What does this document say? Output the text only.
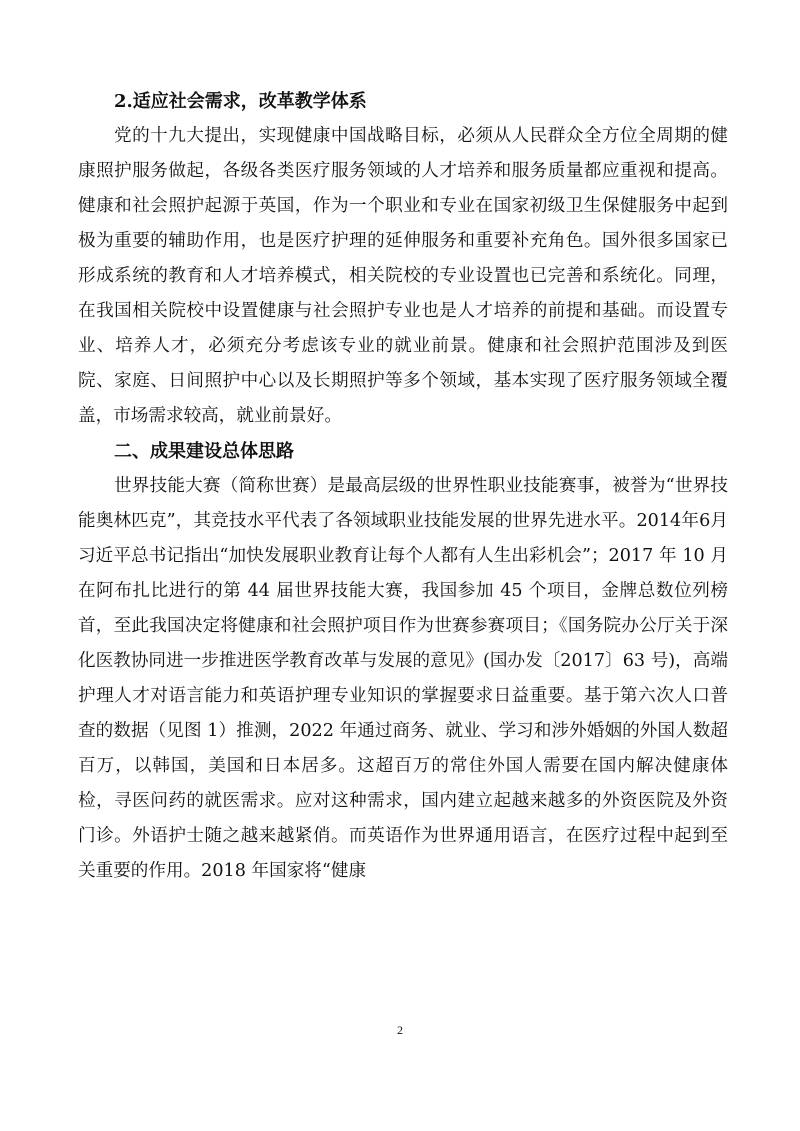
2.适应社会需求，改革教学体系

党的十九大提出，实现健康中国战略目标，必须从人民群众全方位全周期的健康照护服务做起，各级各类医疗服务领域的人才培养和服务质量都应重视和提高。健康和社会照护起源于英国，作为一个职业和专业在国家初级卫生保健服务中起到极为重要的辅助作用，也是医疗护理的延伸服务和重要补充角色。国外很多国家已形成系统的教育和人才培养模式，相关院校的专业设置也已完善和系统化。同理，在我国相关院校中设置健康与社会照护专业也是人才培养的前提和基础。而设置专业、培养人才，必须充分考虑该专业的就业前景。健康和社会照护范围涉及到医院、家庭、日间照护中心以及长期照护等多个领域，基本实现了医疗服务领域全覆盖，市场需求较高，就业前景好。

二、成果建设总体思路

世界技能大赛（简称世赛）是最高层级的世界性职业技能赛事，被誉为“世界技能奥林匹克”，其竞技水平代表了各领域职业技能发展的世界先进水平。2014年6月习近平总书记指出“加快发展职业教育让每个人都有人生出彩机会”；2017 年 10 月在阿布扎比进行的第 44 届世界技能大赛，我国参加 45 个项目，金牌总数位列榜首，至此我国决定将健康和社会照护项目作为世赛参赛项目；《国务院办公厅关于深化医教协同进一步推进医学教育改革与发展的意见》(国办发〔2017〕63 号)，高端护理人才对语言能力和英语护理专业知识的掌握要求日益重要。基于第六次人口普查的数据（见图 1）推测，2022 年通过商务、就业、学习和涉外婚姻的外国人数超百万，以韩国，美国和日本居多。这超百万的常住外国人需要在国内解决健康体检，寻医问药的就医需求。应对这种需求，国内建立起越来越多的外资医院及外资门诊。外语护士随之越来越紧俏。而英语作为世界通用语言，在医疗过程中起到至关重要的作用。2018 年国家将“健康

2
